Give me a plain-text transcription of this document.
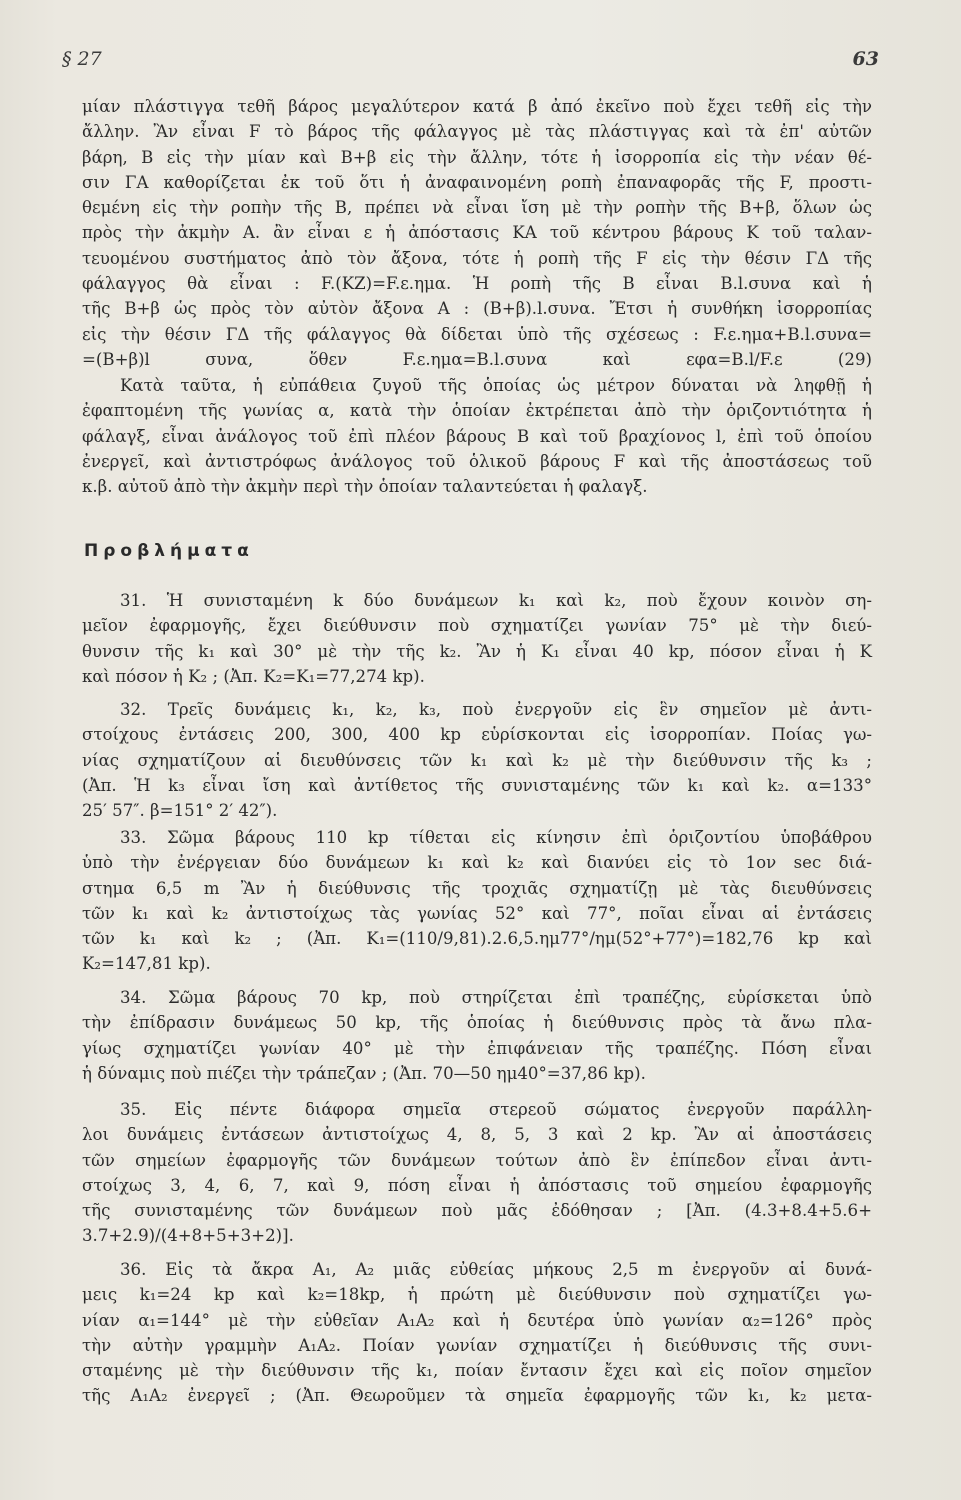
§ 27	63
μίαν πλάστιγγα τεθῆ βάρος μεγαλύτερον κατά β ἀπό ἐκεῖνο ποὺ ἔχει τεθῆ εἰς τὴν
ἄλλην. Ἂν εἶναι F τὸ βάρος τῆς φάλαγγος μὲ τὰς πλάστιγγας καὶ τὰ ἐπ' αὐτῶν
βάρη, Β εἰς τὴν μίαν καὶ Β+β εἰς τὴν ἄλλην, τότε ἡ ἰσορροπία εἰς τὴν νέαν θέ-
σιν ΓΑ καθορίζεται ἐκ τοῦ ὅτι ἡ ἀναφαινομένη ροπὴ ἐπαναφορᾶς τῆς F, προστι-
θεμένη εἰς τὴν ροπὴν τῆς Β, πρέπει νὰ εἶναι ἴση μὲ τὴν ροπὴν τῆς Β+β, ὅλων ὡς
πρὸς τὴν ἀκμὴν Α. ἂν εἶναι ε ἡ ἀπόστασις ΚΑ τοῦ κέντρου βάρους Κ τοῦ ταλαν-
τευομένου συστήματος ἀπὸ τὸν ἄξονα, τότε ἡ ροπὴ τῆς F εἰς τὴν θέσιν ΓΔ τῆς
φάλαγγος θὰ εἶναι : F.(ΚΖ)=F.ε.ημα. Ἡ ροπὴ τῆς Β εἶναι Β.l.συνα καὶ ἡ
τῆς Β+β ὡς πρὸς τὸν αὐτὸν ἄξονα Α : (Β+β).l.συνα. Ἔτσι ἡ συνθήκη ἰσορροπίας
εἰς τὴν θέσιν ΓΔ τῆς φάλαγγος θὰ δίδεται ὑπὸ τῆς σχέσεως : F.ε.ημα+Β.l.συνα=
=(Β+β)l συνα, ὅθεν F.ε.ημα=Β.l.συνα καὶ εφα=Β.l/F.ε (29)
Κατὰ ταῦτα, ἡ εὐπάθεια ζυγοῦ τῆς ὁποίας ὡς μέτρον δύναται νὰ ληφθῇ ἡ
ἐφαπτομένη τῆς γωνίας α, κατὰ τὴν ὁποίαν ἐκτρέπεται ἀπὸ τὴν ὁριζοντιότητα ἡ
φάλαγξ, εἶναι ἀνάλογος τοῦ ἐπὶ πλέον βάρους Β καὶ τοῦ βραχίονος l, ἐπὶ τοῦ ὁποίου
ἐνεργεῖ, καὶ ἀντιστρόφως ἀνάλογος τοῦ ὁλικοῦ βάρους F καὶ τῆς ἀποστάσεως τοῦ
κ.β. αὐτοῦ ἀπὸ τὴν ἀκμὴν περὶ τὴν ὁποίαν ταλαντεύεται ἡ φαλαγξ.
Προβλήματα
31. Ἡ συνισταμένη k δύο δυνάμεων k₁ καὶ k₂, ποὺ ἔχουν κοινὸν ση-
μεῖον ἐφαρμογῆς, ἔχει διεύθυνσιν ποὺ σχηματίζει γωνίαν 75° μὲ τὴν διεύ-
θυνσιν τῆς k₁ καὶ 30° μὲ τὴν τῆς k₂. Ἂν ἡ Κ₁ εἶναι 40 kp, πόσον εἶναι ἡ Κ
καὶ πόσον ἡ Κ₂ ; (Ἀπ. Κ₂=Κ₁=77,274 kp).
32. Τρεῖς δυνάμεις k₁, k₂, k₃, ποὺ ἐνεργοῦν εἰς ἓν σημεῖον μὲ ἀντι-
στοίχους ἐντάσεις 200, 300, 400 kp εὑρίσκονται εἰς ἰσορροπίαν. Ποίας γω-
νίας σχηματίζουν αἱ διευθύνσεις τῶν k₁ καὶ k₂ μὲ τὴν διεύθυνσιν τῆς k₃ ;
(Ἀπ. Ἡ k₃ εἶναι ἴση καὶ ἀντίθετος τῆς συνισταμένης τῶν k₁ καὶ k₂. α=133°
25′ 57″. β=151° 2′ 42″).
33. Σῶμα βάρους 110 kp τίθεται εἰς κίνησιν ἐπὶ ὁριζοντίου ὑποβάθρου
ὑπὸ τὴν ἐνέργειαν δύο δυνάμεων k₁ καὶ k₂ καὶ διανύει εἰς τὸ 1ον sec διά-
στημα 6,5 m Ἂν ἡ διεύθυνσις τῆς τροχιᾶς σχηματίζῃ μὲ τὰς διευθύνσεις
τῶν k₁ καὶ k₂ ἀντιστοίχως τὰς γωνίας 52° καὶ 77°, ποῖαι εἶναι αἱ ἐντάσεις
τῶν k₁ καὶ k₂ ; (Ἀπ. Κ₁=(110/9,81).2.6,5.ημ77°/ημ(52°+77°)=182,76 kp καὶ
Κ₂=147,81 kp).
34. Σῶμα βάρους 70 kp, ποὺ στηρίζεται ἐπὶ τραπέζης, εὑρίσκεται ὑπὸ
τὴν ἐπίδρασιν δυνάμεως 50 kp, τῆς ὁποίας ἡ διεύθυνσις πρὸς τὰ ἄνω πλα-
γίως σχηματίζει γωνίαν 40° μὲ τὴν ἐπιφάνειαν τῆς τραπέζης. Πόση εἶναι
ἡ δύναμις ποὺ πιέζει τὴν τράπεζαν ; (Ἀπ. 70—50 ημ40°=37,86 kp).
35. Εἰς πέντε διάφορα σημεῖα στερεοῦ σώματος ἐνεργοῦν παράλλη-
λοι δυνάμεις ἐντάσεων ἀντιστοίχως 4, 8, 5, 3 καὶ 2 kp. Ἂν αἱ ἀποστάσεις
τῶν σημείων ἐφαρμογῆς τῶν δυνάμεων τούτων ἀπὸ ἓν ἐπίπεδον εἶναι ἀντι-
στοίχως 3, 4, 6, 7, καὶ 9, πόση εἶναι ἡ ἀπόστασις τοῦ σημείου ἐφαρμογῆς
τῆς συνισταμένης τῶν δυνάμεων ποὺ μᾶς ἐδόθησαν ; [Ἀπ. (4.3+8.4+5.6+
3.7+2.9)/(4+8+5+3+2)].
36. Εἰς τὰ ἄκρα Α₁, Α₂ μιᾶς εὐθείας μήκους 2,5 m ἐνεργοῦν αἱ δυνά-
μεις k₁=24 kp καὶ k₂=18kp, ἡ πρώτη μὲ διεύθυνσιν ποὺ σχηματίζει γω-
νίαν α₁=144° μὲ τὴν εὐθεῖαν Α₁Α₂ καὶ ἡ δευτέρα ὑπὸ γωνίαν α₂=126° πρὸς
τὴν αὐτὴν γραμμὴν Α₁Α₂. Ποίαν γωνίαν σχηματίζει ἡ διεύθυνσις τῆς συνι-
σταμένης μὲ τὴν διεύθυνσιν τῆς k₁, ποίαν ἔντασιν ἔχει καὶ εἰς ποῖον σημεῖον
τῆς Α₁Α₂ ἐνεργεῖ ; (Ἀπ. Θεωροῦμεν τὰ σημεῖα ἐφαρμογῆς τῶν k₁, k₂ μετα-
